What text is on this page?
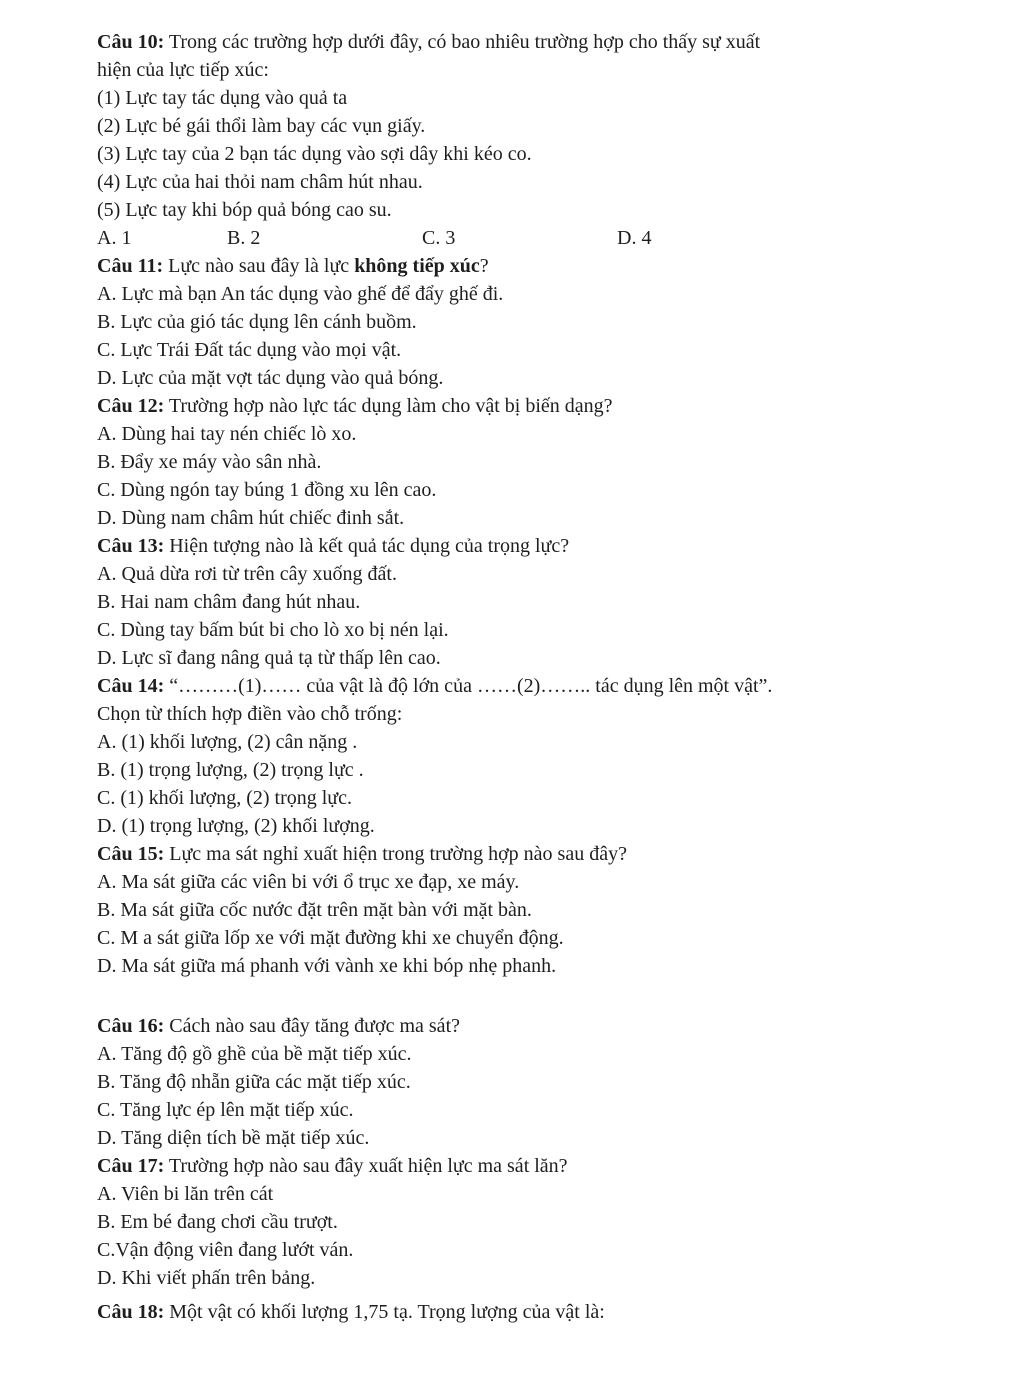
Câu 10: Trong các trường hợp dưới đây, có bao nhiêu trường hợp cho thấy sự xuất
hiện của lực tiếp xúc:
(1) Lực tay tác dụng vào quả ta
(2) Lực bé gái thổi làm bay các vụn giấy.
(3) Lực tay của 2 bạn tác dụng vào sợi dây khi kéo co.
(4) Lực của hai thỏi nam châm hút nhau.
(5) Lực tay khi bóp quả bóng cao su.
A. 1	B. 2	C. 3	D. 4
Câu 11: Lực nào sau đây là lực không tiếp xúc?
A. Lực mà bạn An tác dụng vào ghế để đẩy ghế đi.
B. Lực của gió tác dụng lên cánh buồm.
C. Lực Trái Đất tác dụng vào mọi vật.
D. Lực của mặt vợt tác dụng vào quả bóng.
Câu 12: Trường hợp nào lực tác dụng làm cho vật bị biến dạng?
A. Dùng hai tay nén chiếc lò xo.
B. Đẩy xe máy vào sân nhà.
C. Dùng ngón tay búng 1 đồng xu lên cao.
D. Dùng nam châm hút chiếc đinh sắt.
Câu 13: Hiện tượng nào là kết quả tác dụng của trọng lực?
A. Quả dừa rơi từ trên cây xuống đất.
B. Hai nam châm đang hút nhau.
C. Dùng tay bấm bút bi cho lò xo bị nén lại.
D. Lực sĩ đang nâng quả tạ từ thấp lên cao.
Câu 14: “………(1)…… của vật là độ lớn của ……(2)…….. tác dụng lên một vật”.
Chọn từ thích hợp điền vào chỗ trống:
A. (1) khối lượng, (2) cân nặng .
B. (1) trọng lượng, (2) trọng lực .
C. (1) khối lượng, (2) trọng lực.
D. (1) trọng lượng, (2) khối lượng.
Câu 15: Lực ma sát nghỉ xuất hiện trong trường hợp nào sau đây?
A. Ma sát giữa các viên bi với ổ trục xe đạp, xe máy.
B. Ma sát giữa cốc nước đặt trên mặt bàn với mặt bàn.
C. M a sát giữa lốp xe với mặt đường khi xe chuyển động.
D. Ma sát giữa má phanh với vành xe khi bóp nhẹ phanh.
Câu 16: Cách nào sau đây tăng được ma sát?
A. Tăng độ gồ ghề của bề mặt tiếp xúc.
B. Tăng độ nhẵn giữa các mặt tiếp xúc.
C. Tăng lực ép lên mặt tiếp xúc.
D. Tăng diện tích bề mặt tiếp xúc.
Câu 17: Trường hợp nào sau đây xuất hiện lực ma sát lăn?
A. Viên bi lăn trên cát
B. Em bé đang chơi cầu trượt.
C.Vận động viên đang lướt ván.
D. Khi viết phấn trên bảng.
Câu 18: Một vật có khối lượng 1,75 tạ. Trọng lượng của vật là:
